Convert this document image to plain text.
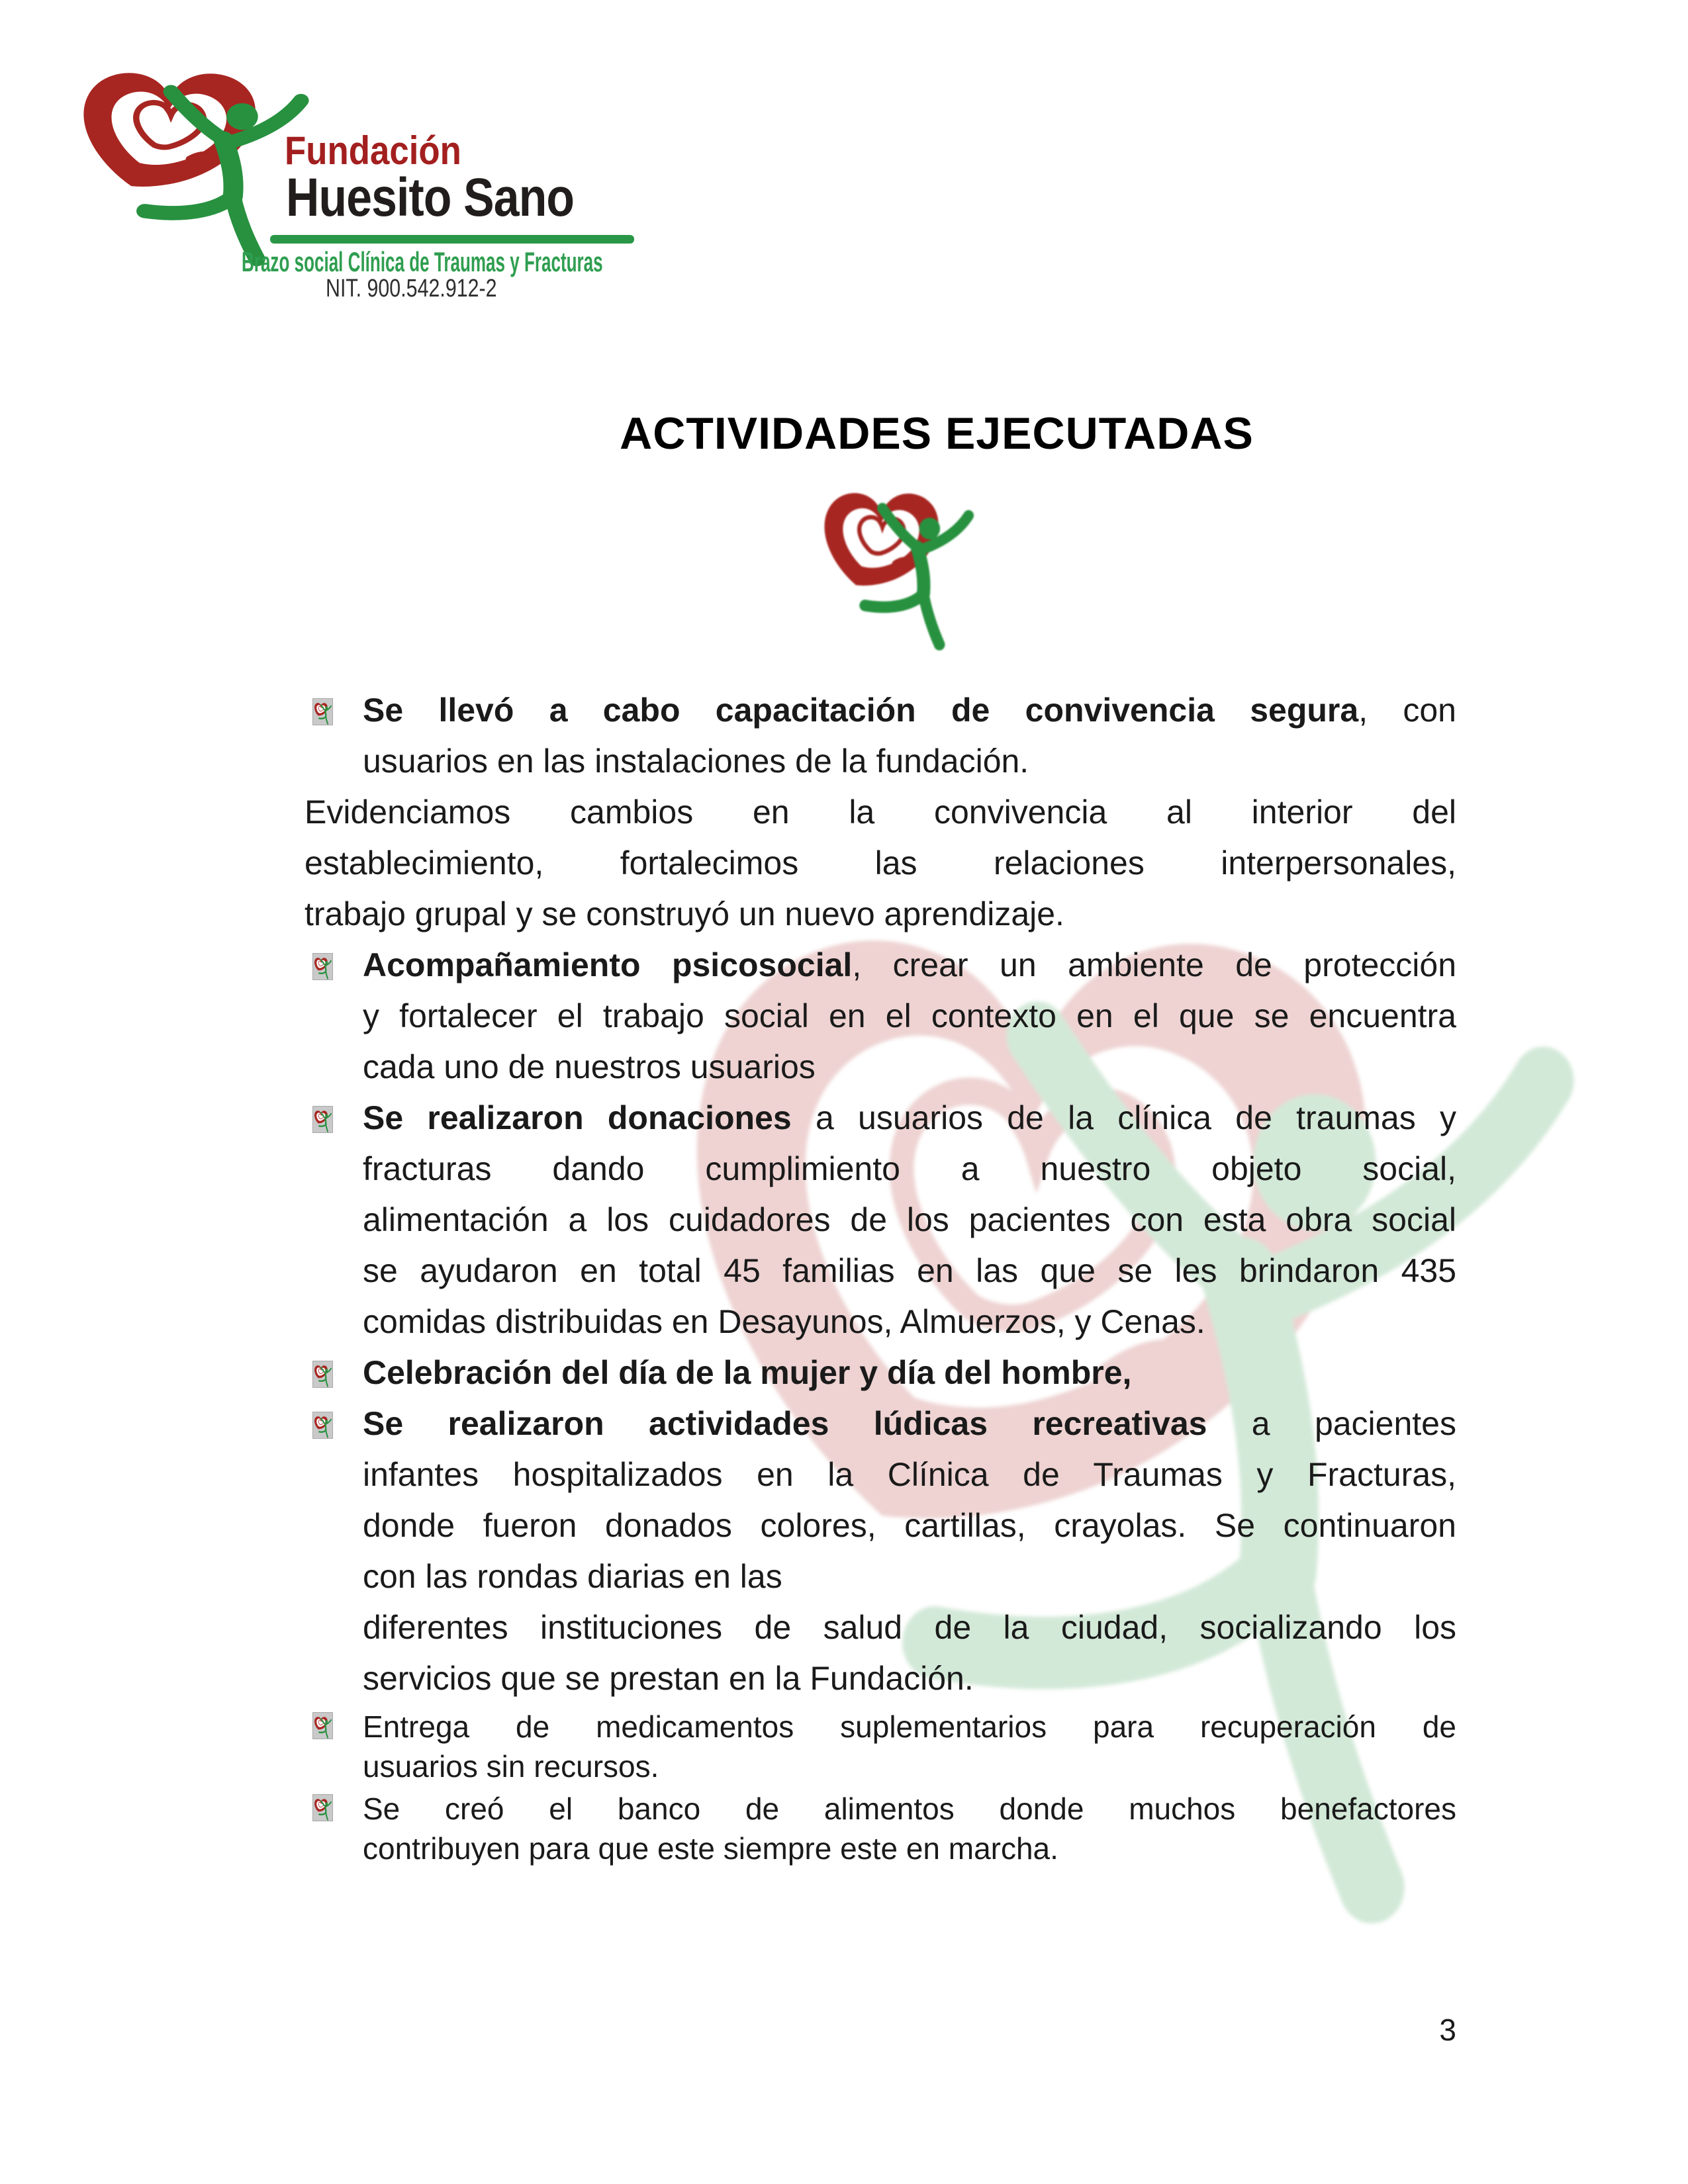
Fundación
Huesito Sano
Brazo social Clínica de Traumas y Fracturas
NIT. 900.542.912-2
ACTIVIDADES EJECUTADAS
Se llevó a cabo capacitación de convivencia segura, con
usuarios en las instalaciones de la fundación.
Evidenciamos cambios en la convivencia al interior del
establecimiento, fortalecimos las relaciones interpersonales,
trabajo grupal y se construyó un nuevo aprendizaje.
Acompañamiento psicosocial, crear un ambiente de protección
y fortalecer el trabajo social en el contexto en el que se encuentra
cada uno de nuestros usuarios
Se realizaron donaciones a usuarios de la clínica de traumas y
fracturas dando cumplimiento a nuestro objeto social,
alimentación a los cuidadores de los pacientes con esta obra social
se ayudaron en total 45 familias en las que se les brindaron 435
comidas distribuidas en Desayunos, Almuerzos, y Cenas.
Celebración del día de la mujer y día del hombre,
Se realizaron actividades lúdicas recreativas a pacientes
infantes hospitalizados en la Clínica de Traumas y Fracturas,
donde fueron donados colores, cartillas, crayolas. Se continuaron
con las rondas diarias en las
diferentes instituciones de salud de la ciudad, socializando los
servicios que se prestan en la Fundación.
Entrega de medicamentos suplementarios para recuperación de
usuarios sin recursos.
Se creó el banco de alimentos donde muchos benefactores
contribuyen para que este siempre este en marcha.
3
